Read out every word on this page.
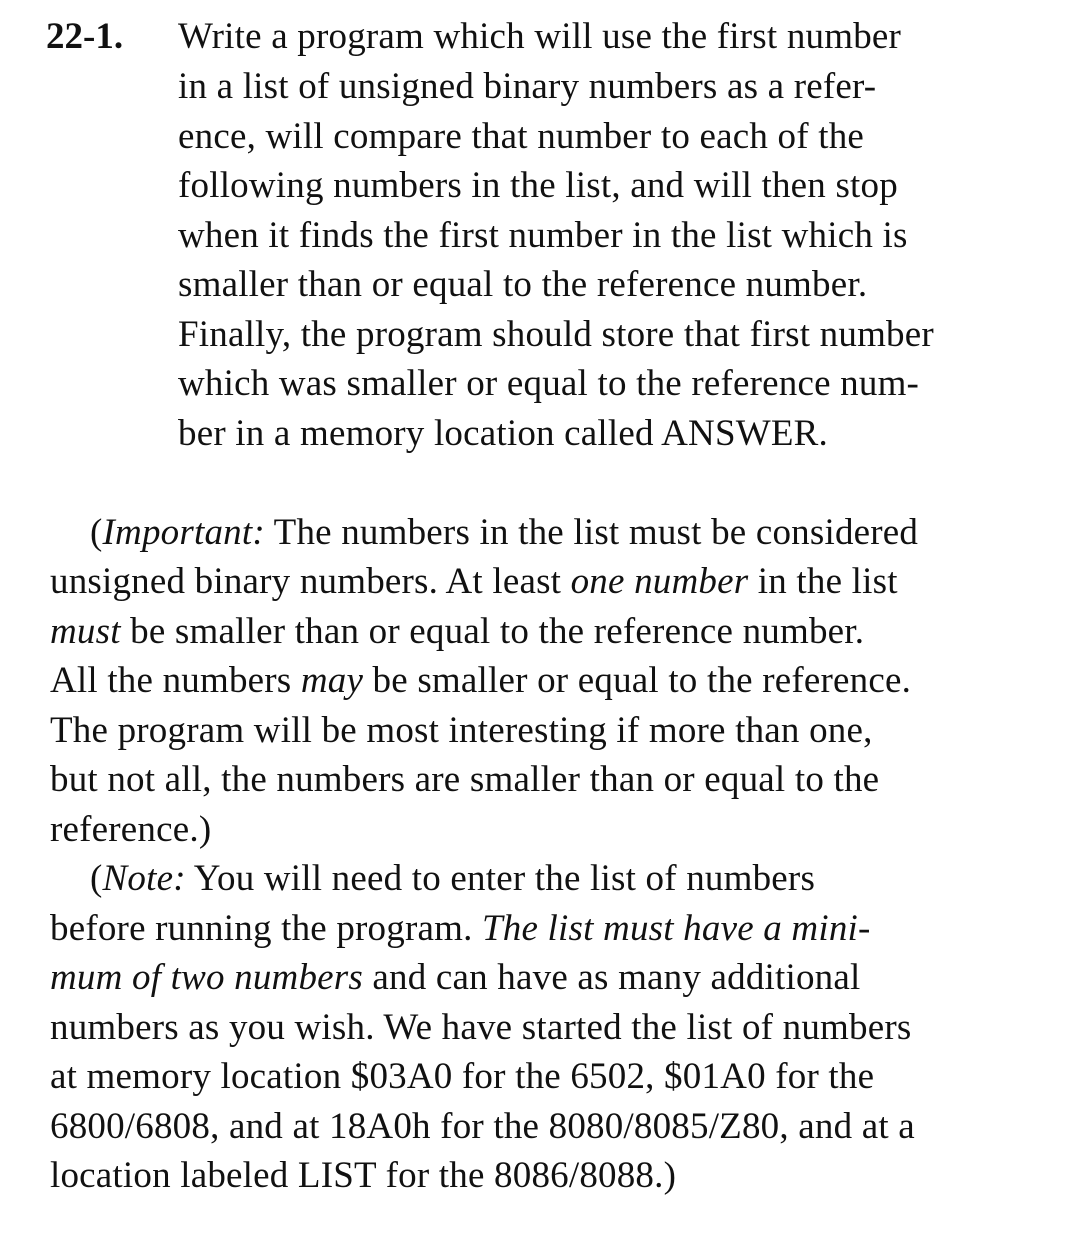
22-1. Write a program which will use the first number
in a list of unsigned binary numbers as a refer-
ence, will compare that number to each of the
following numbers in the list, and will then stop
when it finds the first number in the list which is
smaller than or equal to the reference number.
Finally, the program should store that first number
which was smaller or equal to the reference num-
ber in a memory location called ANSWER.
(Important: The numbers in the list must be considered
unsigned binary numbers. At least one number in the list
must be smaller than or equal to the reference number.
All the numbers may be smaller or equal to the reference.
The program will be most interesting if more than one,
but not all, the numbers are smaller than or equal to the
reference.)
(Note: You will need to enter the list of numbers
before running the program. The list must have a mini-
mum of two numbers and can have as many additional
numbers as you wish. We have started the list of numbers
at memory location $03A0 for the 6502, $01A0 for the
6800/6808, and at 18A0h for the 8080/8085/Z80, and at a
location labeled LIST for the 8086/8088.)
